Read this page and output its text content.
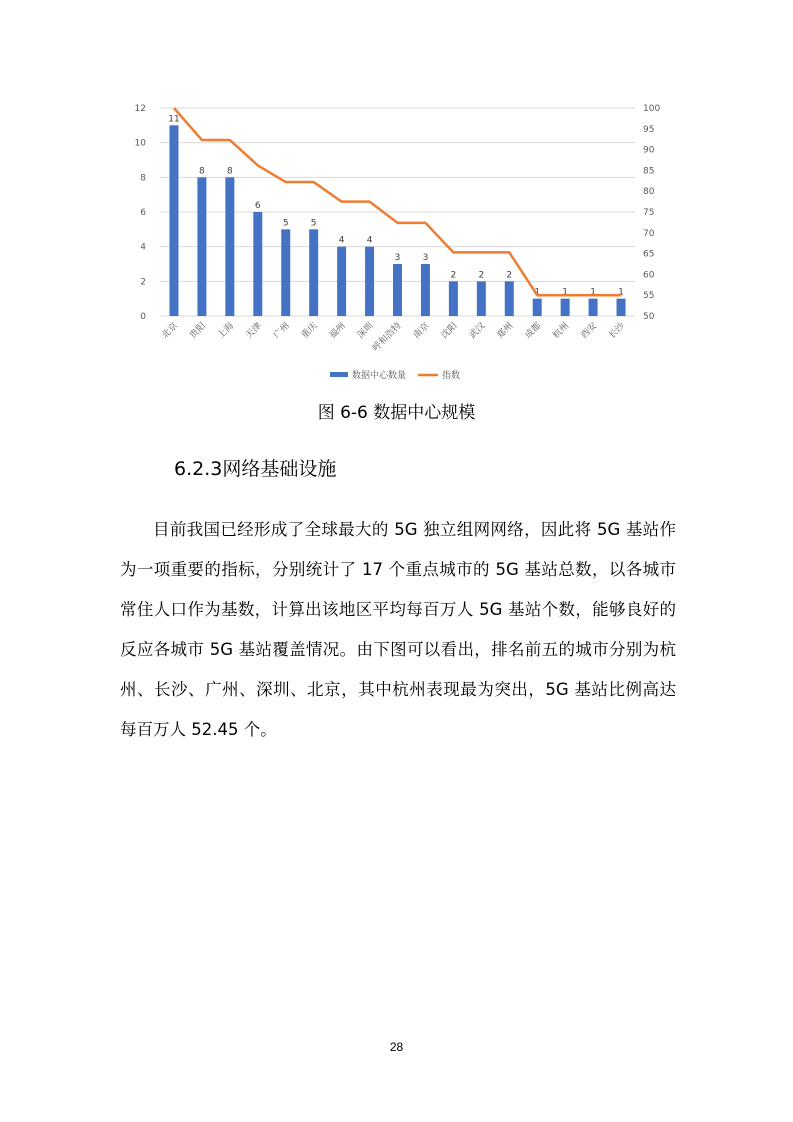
0
2
4
6
8
10
12
50
55
60
65
70
75
80
85
90
95
100
11
8 8
6
5 5
4 4
3 3
2 2 2
1 1 1 1
北京 贵阳 上海 天津 广州 重庆 福州 深圳
呼和浩特 南京 沈阳 武汉 郑州 成都 杭州 西安 长沙
数据中心数量	指数
图 6-6 数据中心规模
6.2.3网络基础设施
目前我国已经形成了全球最大的 5G 独立组网网络，因此将 5G 基站作为一项重要的指标，分别统计了 17 个重点城市的 5G 基站总数，以各城市常住人口作为基数，计算出该地区平均每百万人 5G 基站个数，能够良好的反应各城市 5G 基站覆盖情况。由下图可以看出，排名前五的城市分别为杭州、长沙、广州、深圳、北京，其中杭州表现最为突出，5G 基站比例高达每百万人 52.45 个。
28
